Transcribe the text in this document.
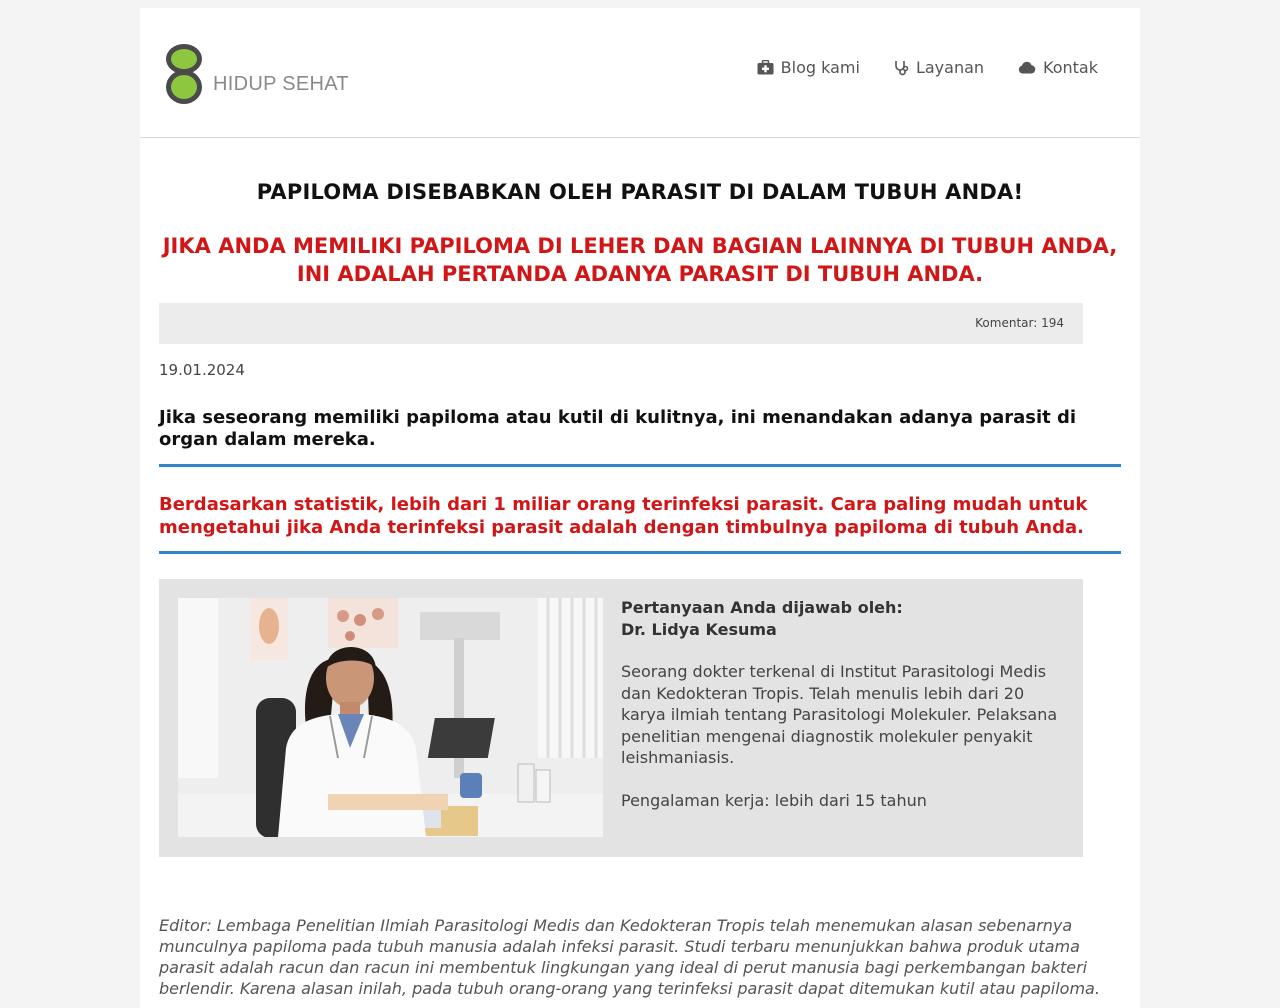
HIDUP SEHAT
Blog kami	Layanan	Kontak
PAPILOMA DISEBABKAN OLEH PARASIT DI DALAM TUBUH ANDA!
JIKA ANDA MEMILIKI PAPILOMA DI LEHER DAN BAGIAN LAINNYA DI TUBUH ANDA,
INI ADALAH PERTANDA ADANYA PARASIT DI TUBUH ANDA.
Komentar: 194
19.01.2024
Jika seseorang memiliki papiloma atau kutil di kulitnya, ini menandakan adanya parasit di organ dalam mereka.
Berdasarkan statistik, lebih dari 1 miliar orang terinfeksi parasit. Cara paling mudah untuk mengetahui jika Anda terinfeksi parasit adalah dengan timbulnya papiloma di tubuh Anda.

Pertanyaan Anda dijawab oleh:
Dr. Lidya Kesuma

Seorang dokter terkenal di Institut Parasitologi Medis dan Kedokteran Tropis. Telah menulis lebih dari 20 karya ilmiah tentang Parasitologi Molekuler. Pelaksana penelitian mengenai diagnostik molekuler penyakit leishmaniasis.

Pengalaman kerja: lebih dari 15 tahun

Editor: Lembaga Penelitian Ilmiah Parasitologi Medis dan Kedokteran Tropis telah menemukan alasan sebenarnya munculnya papiloma pada tubuh manusia adalah infeksi parasit. Studi terbaru menunjukkan bahwa produk utama parasit adalah racun dan racun ini membentuk lingkungan yang ideal di perut manusia bagi perkembangan bakteri berlendir. Karena alasan inilah, pada tubuh orang-orang yang terinfeksi parasit dapat ditemukan kutil atau papiloma.
